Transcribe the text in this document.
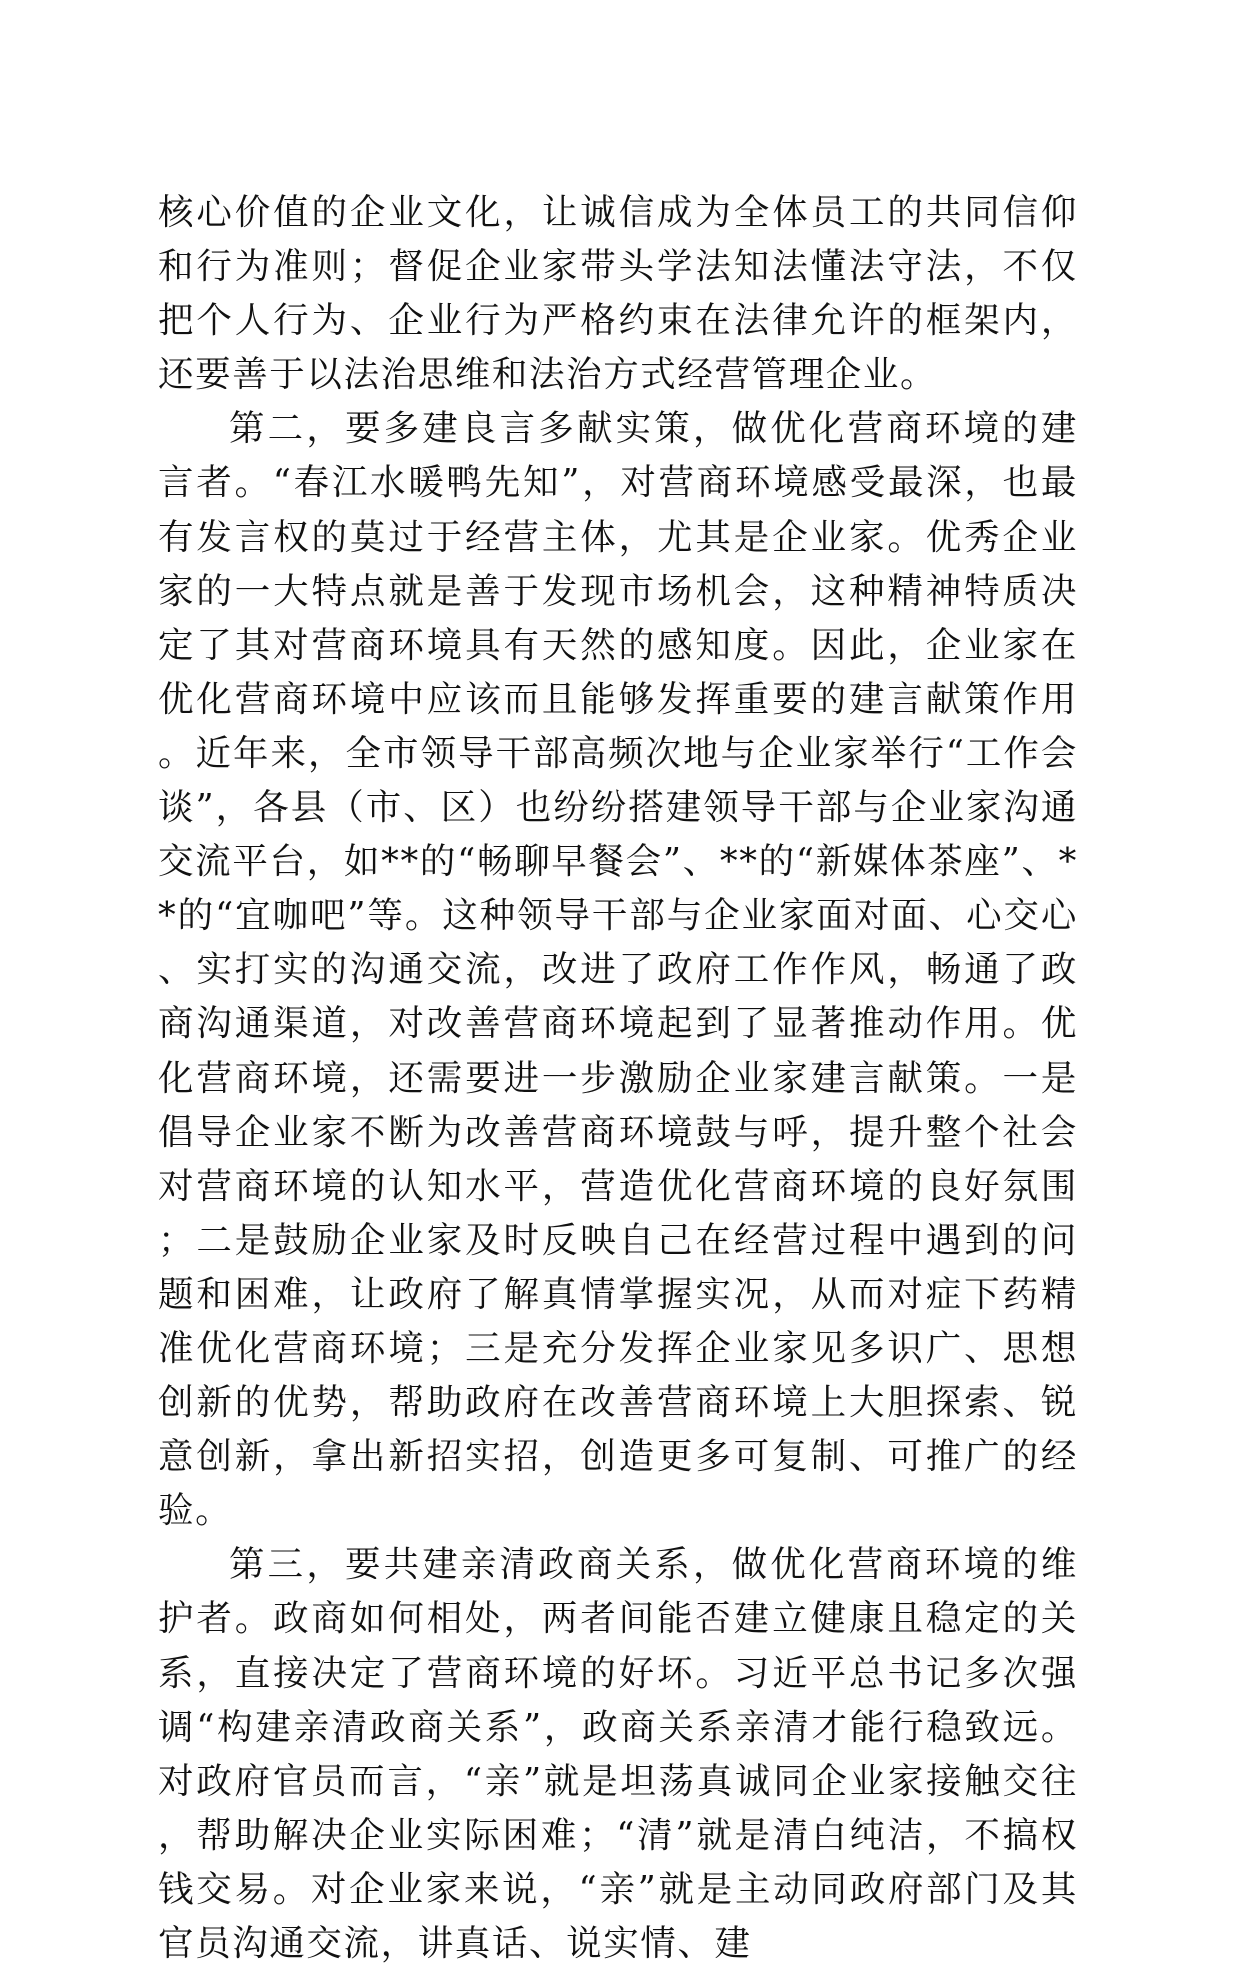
核心价值的企业文化，让诚信成为全体员工的共同信仰和行为准则；督促企业家带头学法知法懂法守法，不仅把个人行为、企业行为严格约束在法律允许的框架内，还要善于以法治思维和法治方式经营管理企业。

第二，要多建良言多献实策，做优化营商环境的建言者。“春江水暖鸭先知”，对营商环境感受最深，也最有发言权的莫过于经营主体，尤其是企业家。优秀企业家的一大特点就是善于发现市场机会，这种精神特质决定了其对营商环境具有天然的感知度。因此，企业家在优化营商环境中应该而且能够发挥重要的建言献策作用。近年来，全市领导干部高频次地与企业家举行“工作会谈”，各县（市、区）也纷纷搭建领导干部与企业家沟通交流平台，如**的“畅聊早餐会”、**的“新媒体茶座”、**的“宜咖吧”等。这种领导干部与企业家面对面、心交心、实打实的沟通交流，改进了政府工作作风，畅通了政商沟通渠道，对改善营商环境起到了显著推动作用。优化营商环境，还需要进一步激励企业家建言献策。一是倡导企业家不断为改善营商环境鼓与呼，提升整个社会对营商环境的认知水平，营造优化营商环境的良好氛围；二是鼓励企业家及时反映自己在经营过程中遇到的问题和困难，让政府了解真情掌握实况，从而对症下药精准优化营商环境；三是充分发挥企业家见多识广、思想创新的优势，帮助政府在改善营商环境上大胆探索、锐意创新，拿出新招实招，创造更多可复制、可推广的经验。

第三，要共建亲清政商关系，做优化营商环境的维护者。政商如何相处，两者间能否建立健康且稳定的关系，直接决定了营商环境的好坏。习近平总书记多次强调“构建亲清政商关系”，政商关系亲清才能行稳致远。对政府官员而言，“亲”就是坦荡真诚同企业家接触交往，帮助解决企业实际困难；“清”就是清白纯洁，不搞权钱交易。对企业家来说，“亲”就是主动同政府部门及其官员沟通交流，讲真话、说实情、建
